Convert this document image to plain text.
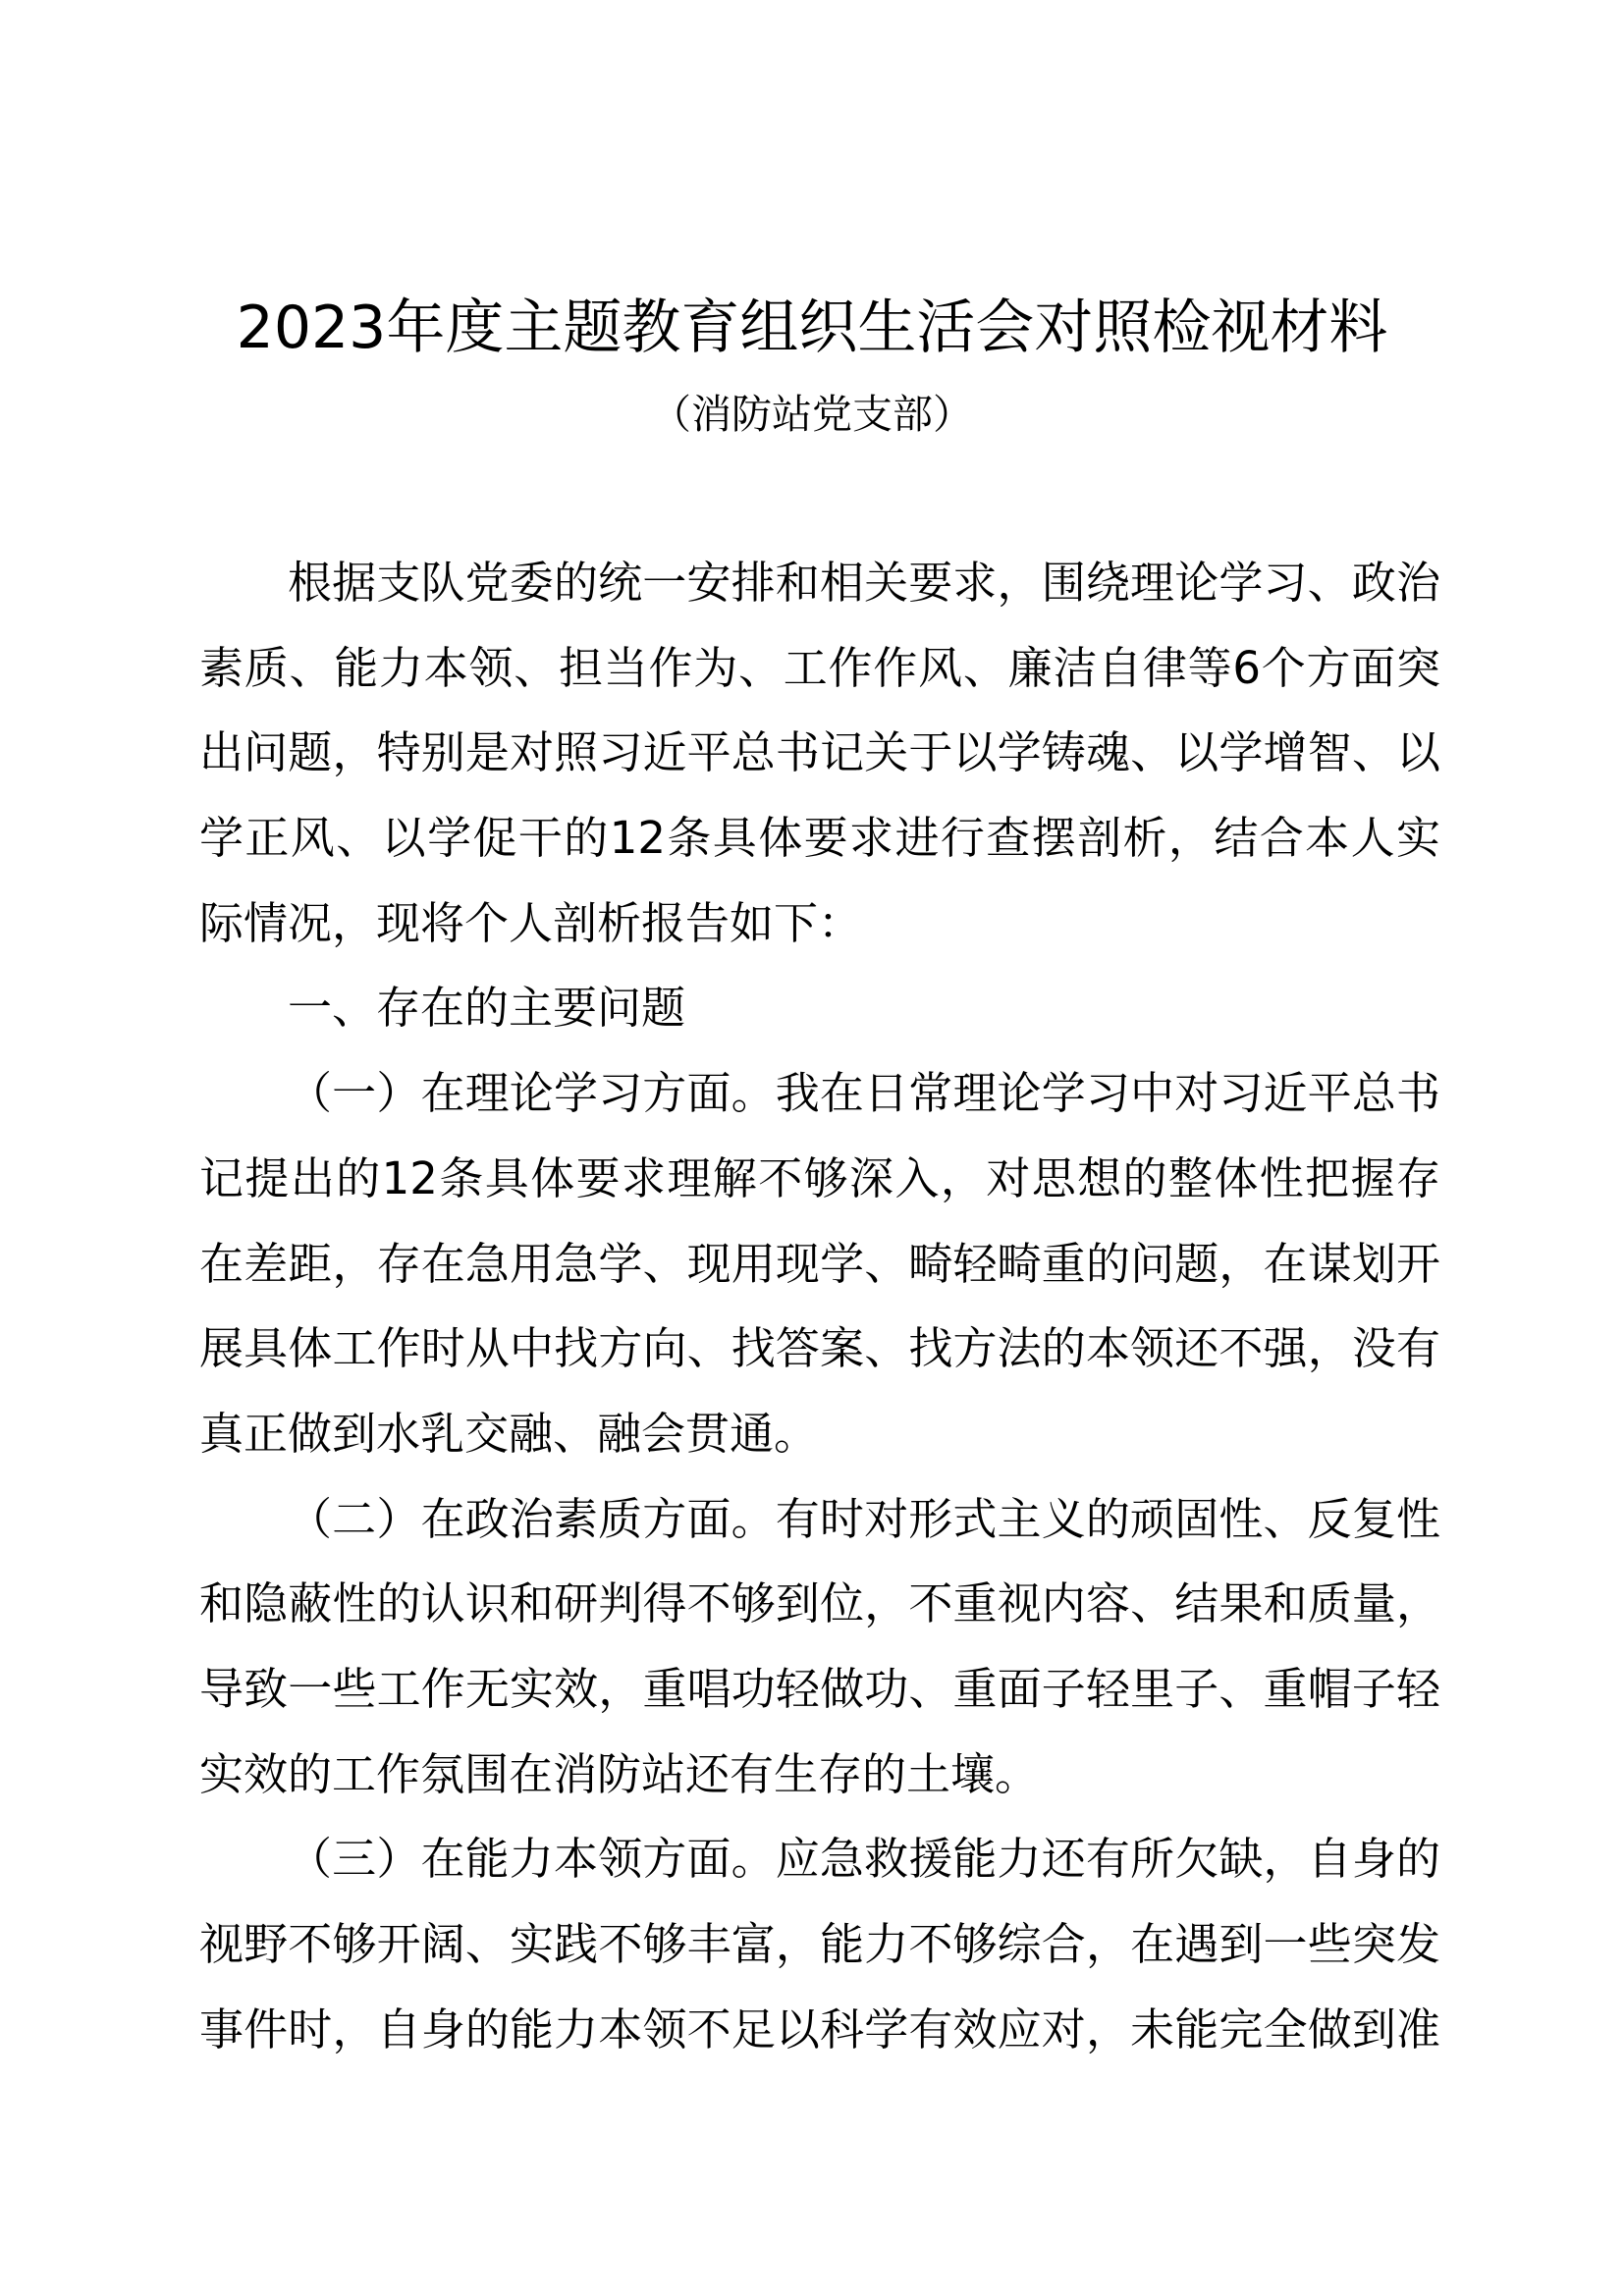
2023年度主题教育组织生活会对照检视材料
（消防站党支部）
根据支队党委的统一安排和相关要求，围绕理论学习、政治
素质、能力本领、担当作为、工作作风、廉洁自律等6个方面突
出问题，特别是对照习近平总书记关于以学铸魂、以学增智、以
学正风、以学促干的12条具体要求进行查摆剖析，结合本人实
际情况，现将个人剖析报告如下：
一、存在的主要问题
（一）在理论学习方面。我在日常理论学习中对习近平总书
记提出的12条具体要求理解不够深入，对思想的整体性把握存
在差距，存在急用急学、现用现学、畸轻畸重的问题，在谋划开
展具体工作时从中找方向、找答案、找方法的本领还不强，没有
真正做到水乳交融、融会贯通。
（二）在政治素质方面。有时对形式主义的顽固性、反复性
和隐蔽性的认识和研判得不够到位，不重视内容、结果和质量，
导致一些工作无实效，重唱功轻做功、重面子轻里子、重帽子轻
实效的工作氛围在消防站还有生存的土壤。
（三）在能力本领方面。应急救援能力还有所欠缺，自身的
视野不够开阔、实践不够丰富，能力不够综合，在遇到一些突发
事件时，自身的能力本领不足以科学有效应对，未能完全做到准
